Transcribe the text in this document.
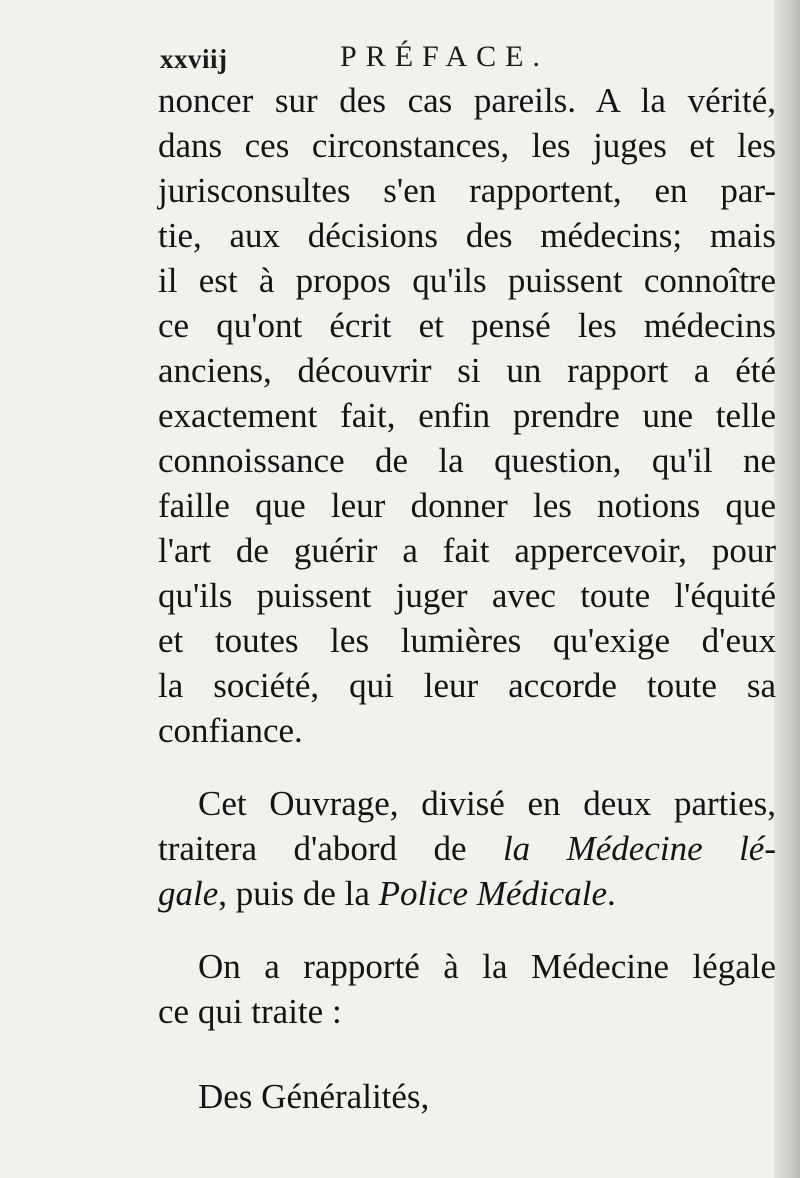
xxviij	PRÉFACE.
noncer sur des cas pareils. A la vérité,
dans ces circonstances, les juges et les
jurisconsultes s'en rapportent, en par-
tie, aux décisions des médecins; mais
il est à propos qu'ils puissent connoître
ce qu'ont écrit et pensé les médecins
anciens, découvrir si un rapport a été
exactement fait, enfin prendre une telle
connoissance de la question, qu'il ne
faille que leur donner les notions que
l'art de guérir a fait appercevoir, pour
qu'ils puissent juger avec toute l'équité
et toutes les lumières qu'exige d'eux
la société, qui leur accorde toute sa
confiance.
Cet Ouvrage, divisé en deux parties,
traitera d'abord de la Médecine lé-
gale, puis de la Police Médicale.
On a rapporté à la Médecine légale
ce qui traite :
Des Généralités,
